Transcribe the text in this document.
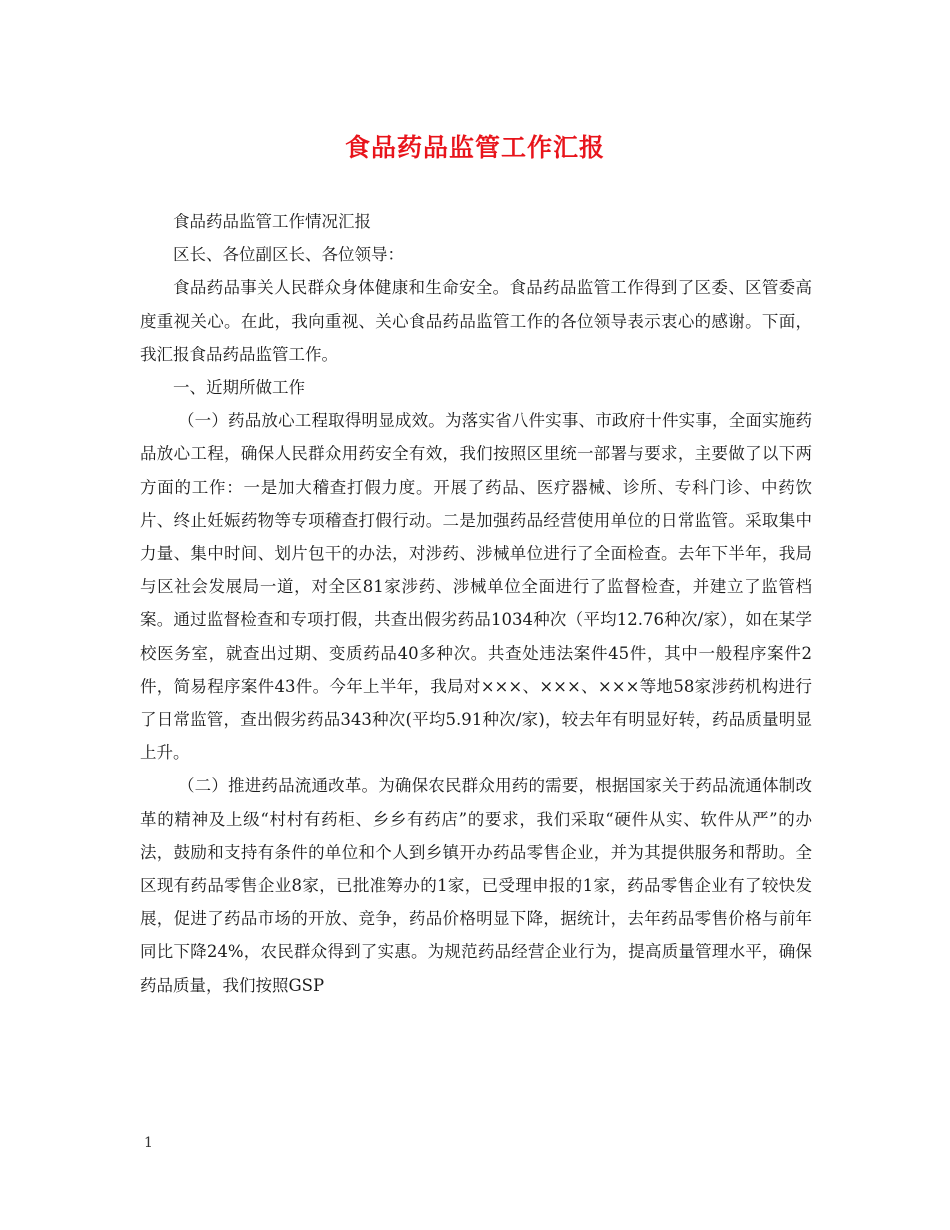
食品药品监管工作汇报

食品药品监管工作情况汇报

区长、各位副区长、各位领导：

食品药品事关人民群众身体健康和生命安全。食品药品监管工作得到了区委、区管委高度重视关心。在此，我向重视、关心食品药品监管工作的各位领导表示衷心的感谢。下面，我汇报食品药品监管工作。

一、近期所做工作

（一）药品放心工程取得明显成效。为落实省八件实事、市政府十件实事，全面实施药品放心工程，确保人民群众用药安全有效，我们按照区里统一部署与要求，主要做了以下两方面的工作：一是加大稽查打假力度。开展了药品、医疗器械、诊所、专科门诊、中药饮片、终止妊娠药物等专项稽查打假行动。二是加强药品经营使用单位的日常监管。采取集中力量、集中时间、划片包干的办法，对涉药、涉械单位进行了全面检查。去年下半年，我局与区社会发展局一道，对全区81家涉药、涉械单位全面进行了监督检查，并建立了监管档案。通过监督检查和专项打假，共查出假劣药品1034种次（平均12.76种次/家），如在某学校医务室，就查出过期、变质药品40多种次。共查处违法案件45件，其中一般程序案件2件，简易程序案件43件。今年上半年，我局对×××、×××、×××等地58家涉药机构进行了日常监管，查出假劣药品343种次(平均5.91种次/家)，较去年有明显好转，药品质量明显上升。

（二）推进药品流通改革。为确保农民群众用药的需要，根据国家关于药品流通体制改革的精神及上级“村村有药柜、乡乡有药店”的要求，我们采取“硬件从实、软件从严”的办法，鼓励和支持有条件的单位和个人到乡镇开办药品零售企业，并为其提供服务和帮助。全区现有药品零售企业8家，已批准筹办的1家，已受理申报的1家，药品零售企业有了较快发展，促进了药品市场的开放、竞争，药品价格明显下降，据统计，去年药品零售价格与前年同比下降24%，农民群众得到了实惠。为规范药品经营企业行为，提高质量管理水平，确保药品质量，我们按照GSP

1
